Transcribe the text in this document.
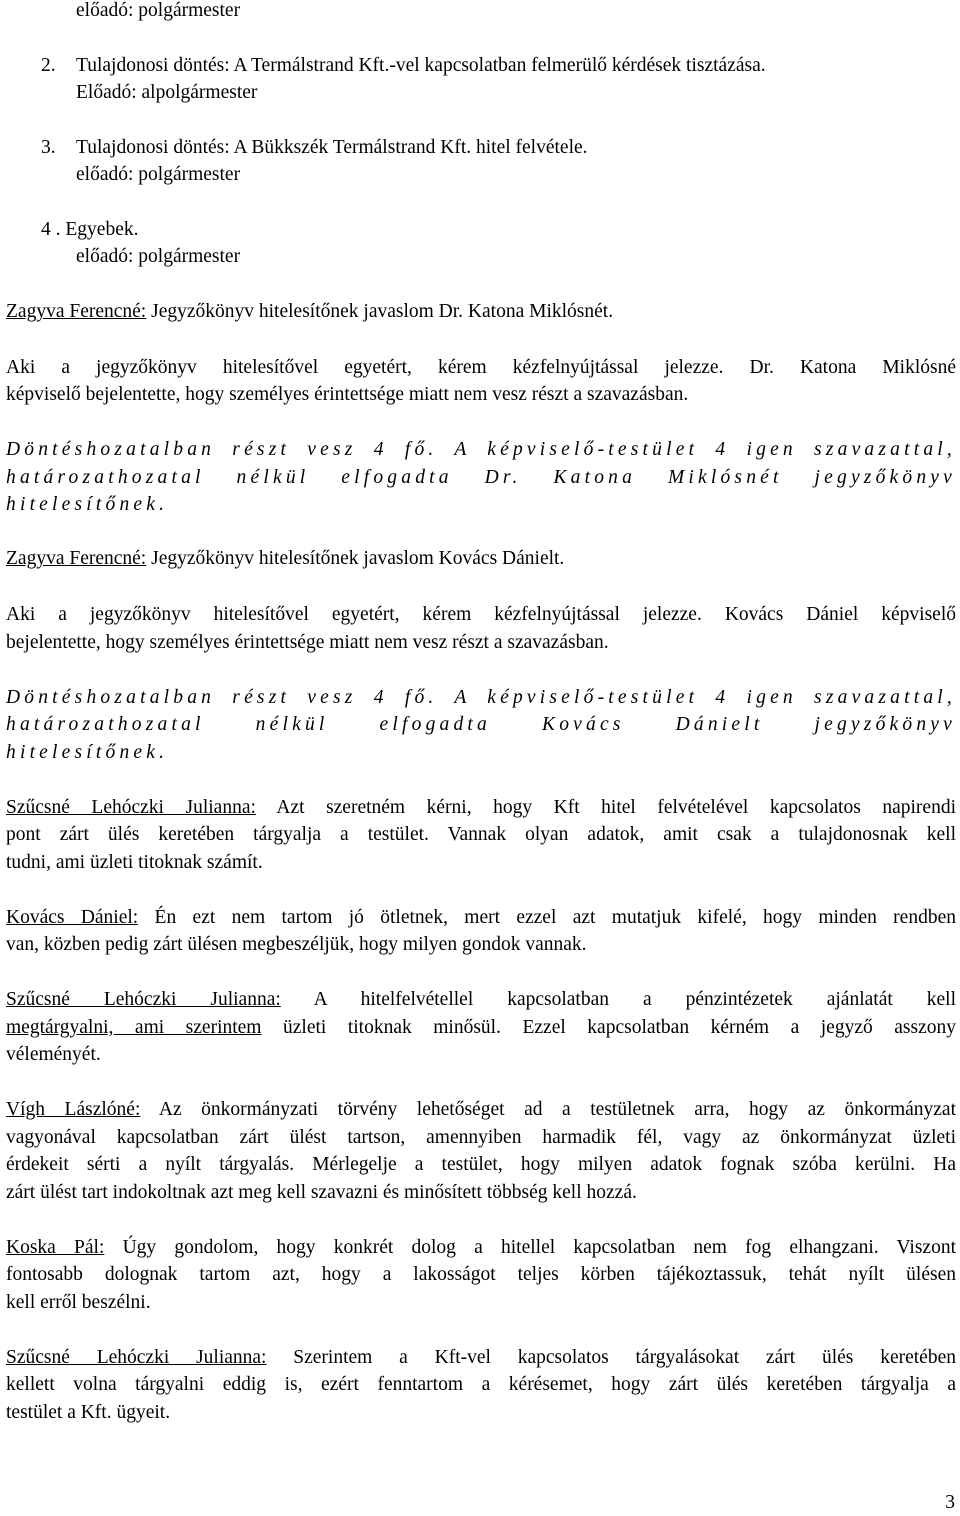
előadó: polgármester
2. Tulajdonosi döntés: A Termálstrand Kft.-vel kapcsolatban felmerülő kérdések tisztázása.
Előadó: alpolgármester
3. Tulajdonosi döntés: A Bükkszék Termálstrand Kft. hitel felvétele.
előadó: polgármester
4 . Egyebek.
előadó: polgármester
Zagyva Ferencné: Jegyzőkönyv hitelesítőnek javaslom Dr. Katona Miklósnét.
Aki a jegyzőkönyv hitelesítővel egyetért, kérem kézfelnyújtással jelezze. Dr. Katona Miklósné
képviselő bejelentette, hogy személyes érintettsége miatt nem vesz részt a szavazásban.
Döntéshozatalban részt vesz 4 fő. A képviselő-testület 4 igen szavazattal,
határozathozatal nélkül elfogadta Dr. Katona Miklósnét jegyzőkönyv
hitelesítőnek.
Zagyva Ferencné: Jegyzőkönyv hitelesítőnek javaslom Kovács Dánielt.
Aki a jegyzőkönyv hitelesítővel egyetért, kérem kézfelnyújtással jelezze. Kovács Dániel képviselő
bejelentette, hogy személyes érintettsége miatt nem vesz részt a szavazásban.
Döntéshozatalban részt vesz 4 fő. A képviselő-testület 4 igen szavazattal,
határozathozatal nélkül elfogadta Kovács Dánielt jegyzőkönyv
hitelesítőnek.
Szűcsné Lehóczki Julianna: Azt szeretném kérni, hogy Kft hitel felvételével kapcsolatos napirendi
pont zárt ülés keretében tárgyalja a testület. Vannak olyan adatok, amit csak a tulajdonosnak kell
tudni, ami üzleti titoknak számít.
Kovács Dániel: Én ezt nem tartom jó ötletnek, mert ezzel azt mutatjuk kifelé, hogy minden rendben
van, közben pedig zárt ülésen megbeszéljük, hogy milyen gondok vannak.
Szűcsné Lehóczki Julianna: A hitelfelvétellel kapcsolatban a pénzintézetek ajánlatát kell
megtárgyalni, ami szerintem üzleti titoknak minősül. Ezzel kapcsolatban kérném a jegyző asszony
véleményét.
Vígh Lászlóné: Az önkormányzati törvény lehetőséget ad a testületnek arra, hogy az önkormányzat
vagyonával kapcsolatban zárt ülést tartson, amennyiben harmadik fél, vagy az önkormányzat üzleti
érdekeit sérti a nyílt tárgyalás. Mérlegelje a testület, hogy milyen adatok fognak szóba kerülni. Ha
zárt ülést tart indokoltnak azt meg kell szavazni és minősített többség kell hozzá.
Koska Pál: Úgy gondolom, hogy konkrét dolog a hitellel kapcsolatban nem fog elhangzani. Viszont
fontosabb dolognak tartom azt, hogy a lakosságot teljes körben tájékoztassuk, tehát nyílt ülésen
kell erről beszélni.
Szűcsné Lehóczki Julianna: Szerintem a Kft-vel kapcsolatos tárgyalásokat zárt ülés keretében
kellett volna tárgyalni eddig is, ezért fenntartom a kérésemet, hogy zárt ülés keretében tárgyalja a
testület a Kft. ügyeit.
3
